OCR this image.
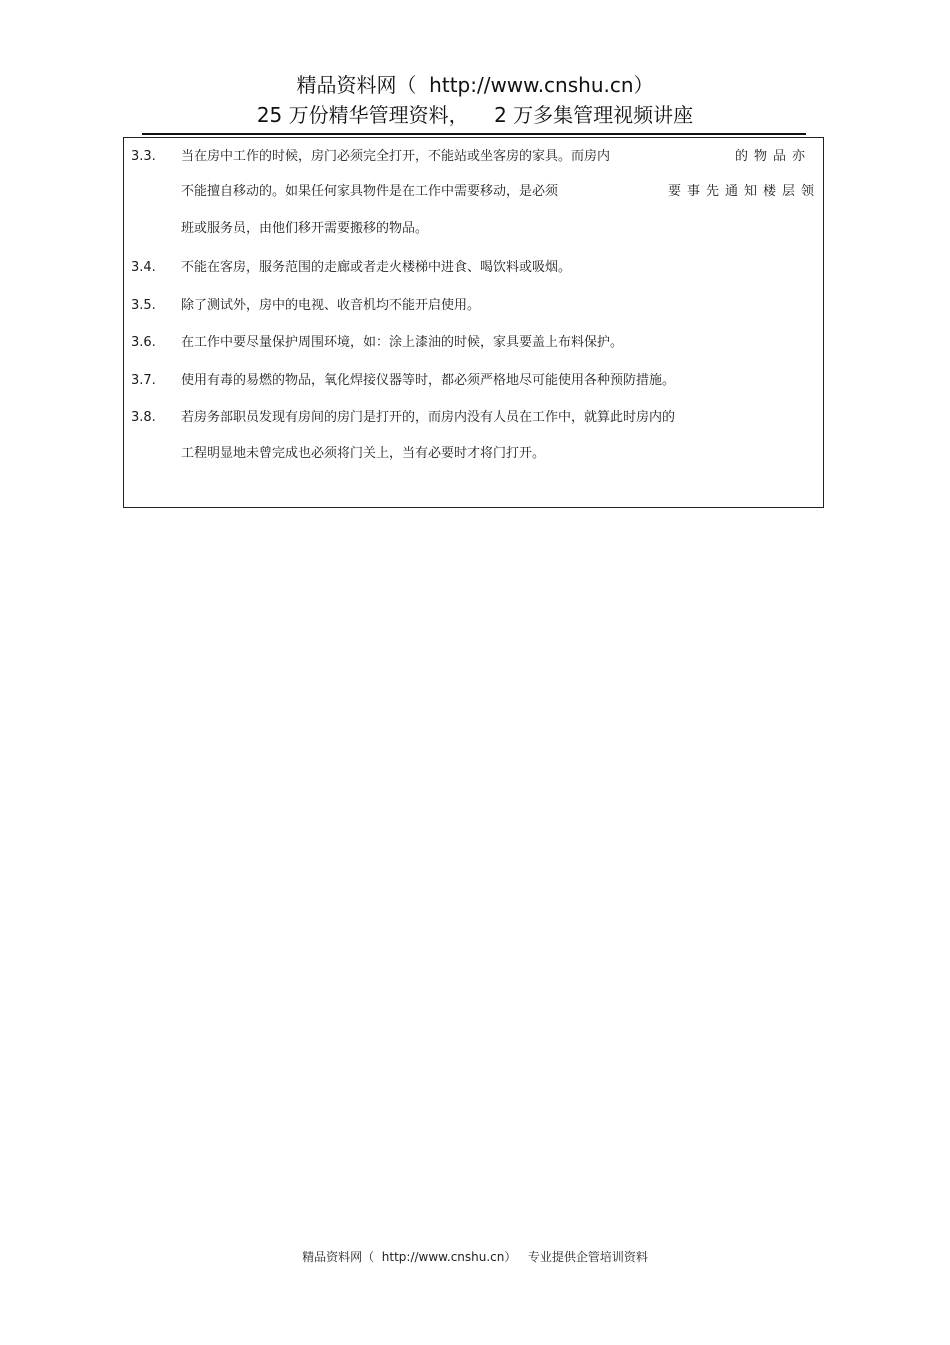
精品资料网（  http://www.cnshu.cn）
25 万份精华管理资料，    2 万多集管理视频讲座
3.3.	当在房中工作的时候，房门必须完全打开，不能站或坐客房的家具。而房内	的物品亦
不能擅自移动的。如果任何家具物件是在工作中需要移动，是必须	要事先通知楼层领
班或服务员，由他们移开需要搬移的物品。
3.4.	不能在客房，服务范围的走廊或者走火楼梯中进食、喝饮料或吸烟。
3.5.	除了测试外，房中的电视、收音机均不能开启使用。
3.6.	在工作中要尽量保护周围环境，如：涂上漆油的时候，家具要盖上布料保护。
3.7.	使用有毒的易燃的物品，氧化焊接仪器等时，都必须严格地尽可能使用各种预防措施。
3.8.	若房务部职员发现有房间的房门是打开的，而房内没有人员在工作中，就算此时房内的
工程明显地未曾完成也必须将门关上，当有必要时才将门打开。
精品资料网（  http://www.cnshu.cn）   专业提供企管培训资料
